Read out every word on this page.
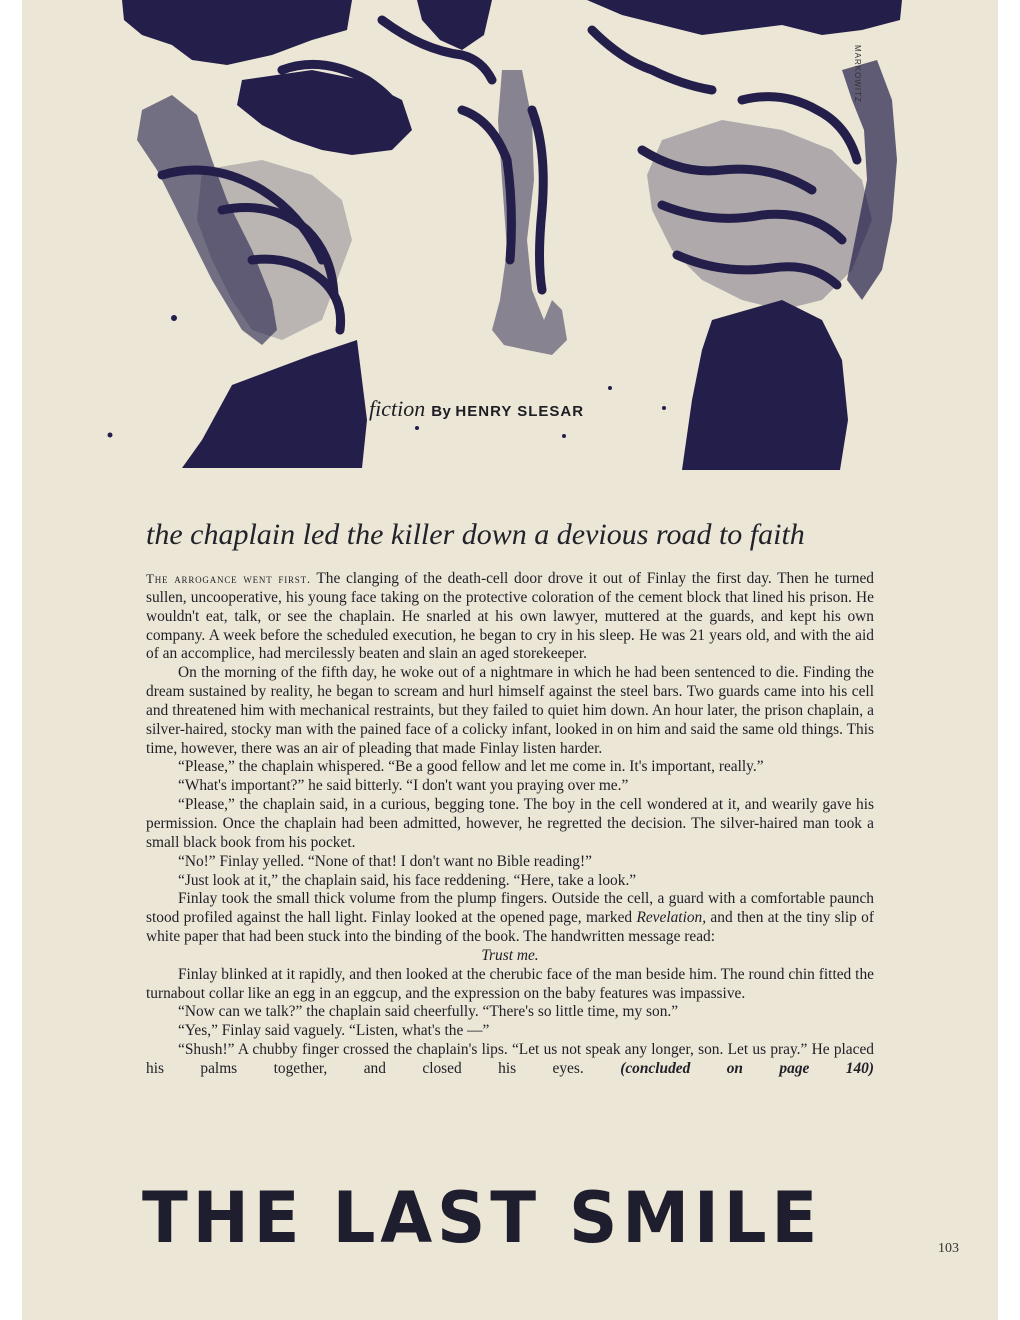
MARKOWITZ
fiction By HENRY SLESAR
the chaplain led the killer down a devious road to faith

The arrogance went first. The clanging of the death-cell door drove it out of Finlay the first day. Then he turned sullen, uncooperative, his young face taking on the protective coloration of the cement block that lined his prison. He wouldn't eat, talk, or see the chaplain. He snarled at his own lawyer, muttered at the guards, and kept his own company. A week before the scheduled execution, he began to cry in his sleep. He was 21 years old, and with the aid of an accomplice, had mercilessly beaten and slain an aged storekeeper.

On the morning of the fifth day, he woke out of a nightmare in which he had been sentenced to die. Finding the dream sustained by reality, he began to scream and hurl himself against the steel bars. Two guards came into his cell and threatened him with mechanical restraints, but they failed to quiet him down. An hour later, the prison chaplain, a silver-haired, stocky man with the pained face of a colicky infant, looked in on him and said the same old things. This time, however, there was an air of pleading that made Finlay listen harder.

“Please,” the chaplain whispered. “Be a good fellow and let me come in. It's important, really.”

“What's important?” he said bitterly. “I don't want you praying over me.”

“Please,” the chaplain said, in a curious, begging tone. The boy in the cell wondered at it, and wearily gave his permission. Once the chaplain had been admitted, however, he regretted the decision. The silver-haired man took a small black book from his pocket.

“No!” Finlay yelled. “None of that! I don't want no Bible reading!”

“Just look at it,” the chaplain said, his face reddening. “Here, take a look.”

Finlay took the small thick volume from the plump fingers. Outside the cell, a guard with a comfortable paunch stood profiled against the hall light. Finlay looked at the opened page, marked Revelation, and then at the tiny slip of white paper that had been stuck into the binding of the book. The handwritten message read:

Trust me.

Finlay blinked at it rapidly, and then looked at the cherubic face of the man beside him. The round chin fitted the turnabout collar like an egg in an eggcup, and the expression on the baby features was impassive.

“Now can we talk?” the chaplain said cheerfully. “There's so little time, my son.”

“Yes,” Finlay said vaguely. “Listen, what's the —”

“Shush!” A chubby finger crossed the chaplain's lips. “Let us not speak any longer, son. Let us pray.” He placed his palms together, and closed his eyes. (concluded on page 140)

THE LAST SMILE	103
